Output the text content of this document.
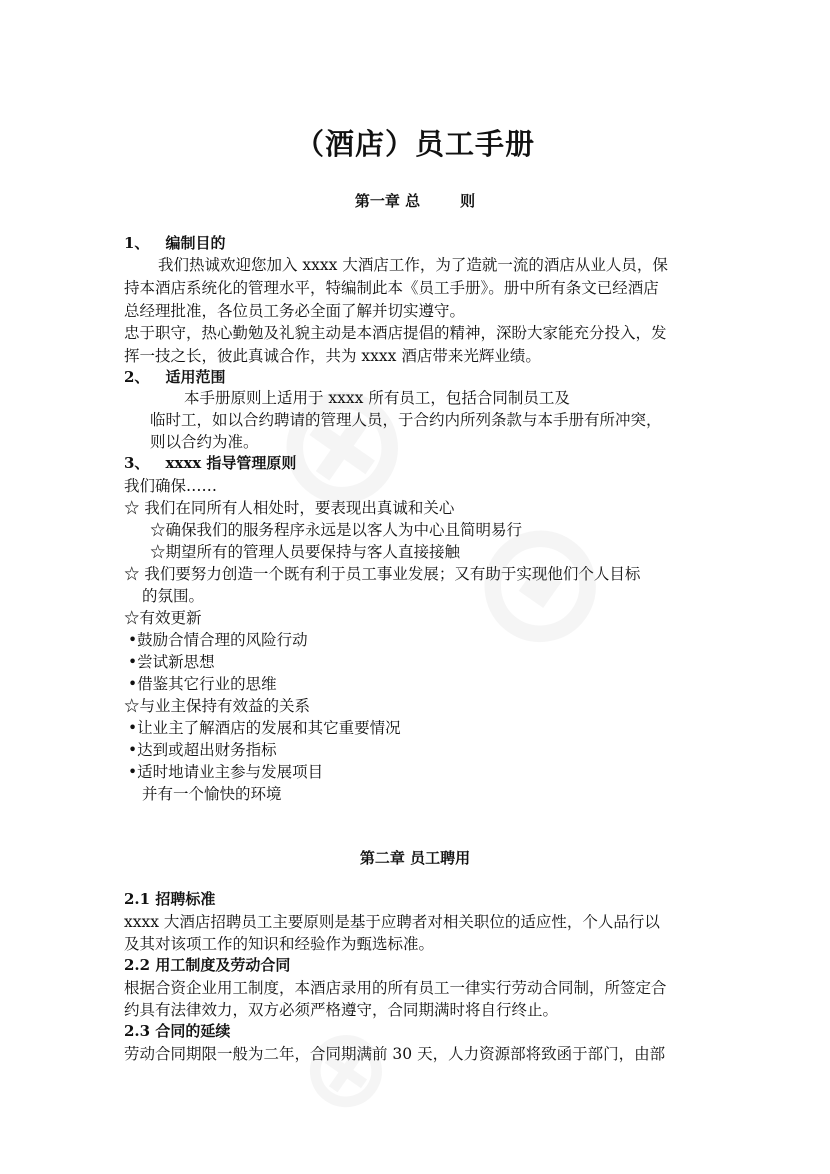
（酒店）员工手册
第一章 总	则
1、 编制目的
我们热诚欢迎您加入 xxxx 大酒店工作，为了造就一流的酒店从业人员，保
持本酒店系统化的管理水平，特编制此本《员工手册》。册中所有条文已经酒店
总经理批准，各位员工务必全面了解并切实遵守。
忠于职守，热心勤勉及礼貌主动是本酒店提倡的精神，深盼大家能充分投入，发
挥一技之长，彼此真诚合作，共为 xxxx 酒店带来光辉业绩。
2、 适用范围
本手册原则上适用于 xxxx 所有员工，包括合同制员工及
临时工，如以合约聘请的管理人员，于合约内所列条款与本手册有所冲突，
则以合约为准。
3、 xxxx 指导管理原则
我们确保……
☆ 我们在同所有人相处时，要表现出真诚和关心
☆确保我们的服务程序永远是以客人为中心且简明易行
☆期望所有的管理人员要保持与客人直接接触
☆ 我们要努力创造一个既有利于员工事业发展；又有助于实现他们个人目标
的氛围。
☆有效更新
•鼓励合情合理的风险行动
•尝试新思想
•借鉴其它行业的思维
☆与业主保持有效益的关系
•让业主了解酒店的发展和其它重要情况
•达到或超出财务指标
•适时地请业主参与发展项目
并有一个愉快的环境
第二章 员工聘用
2.1 招聘标准
xxxx 大酒店招聘员工主要原则是基于应聘者对相关职位的适应性，个人品行以
及其对该项工作的知识和经验作为甄选标准。
2.2 用工制度及劳动合同
根据合资企业用工制度，本酒店录用的所有员工一律实行劳动合同制，所签定合
约具有法律效力，双方必须严格遵守，合同期满时将自行终止。
2.3 合同的延续
劳动合同期限一般为二年，合同期满前 30 天，人力资源部将致函于部门，由部
